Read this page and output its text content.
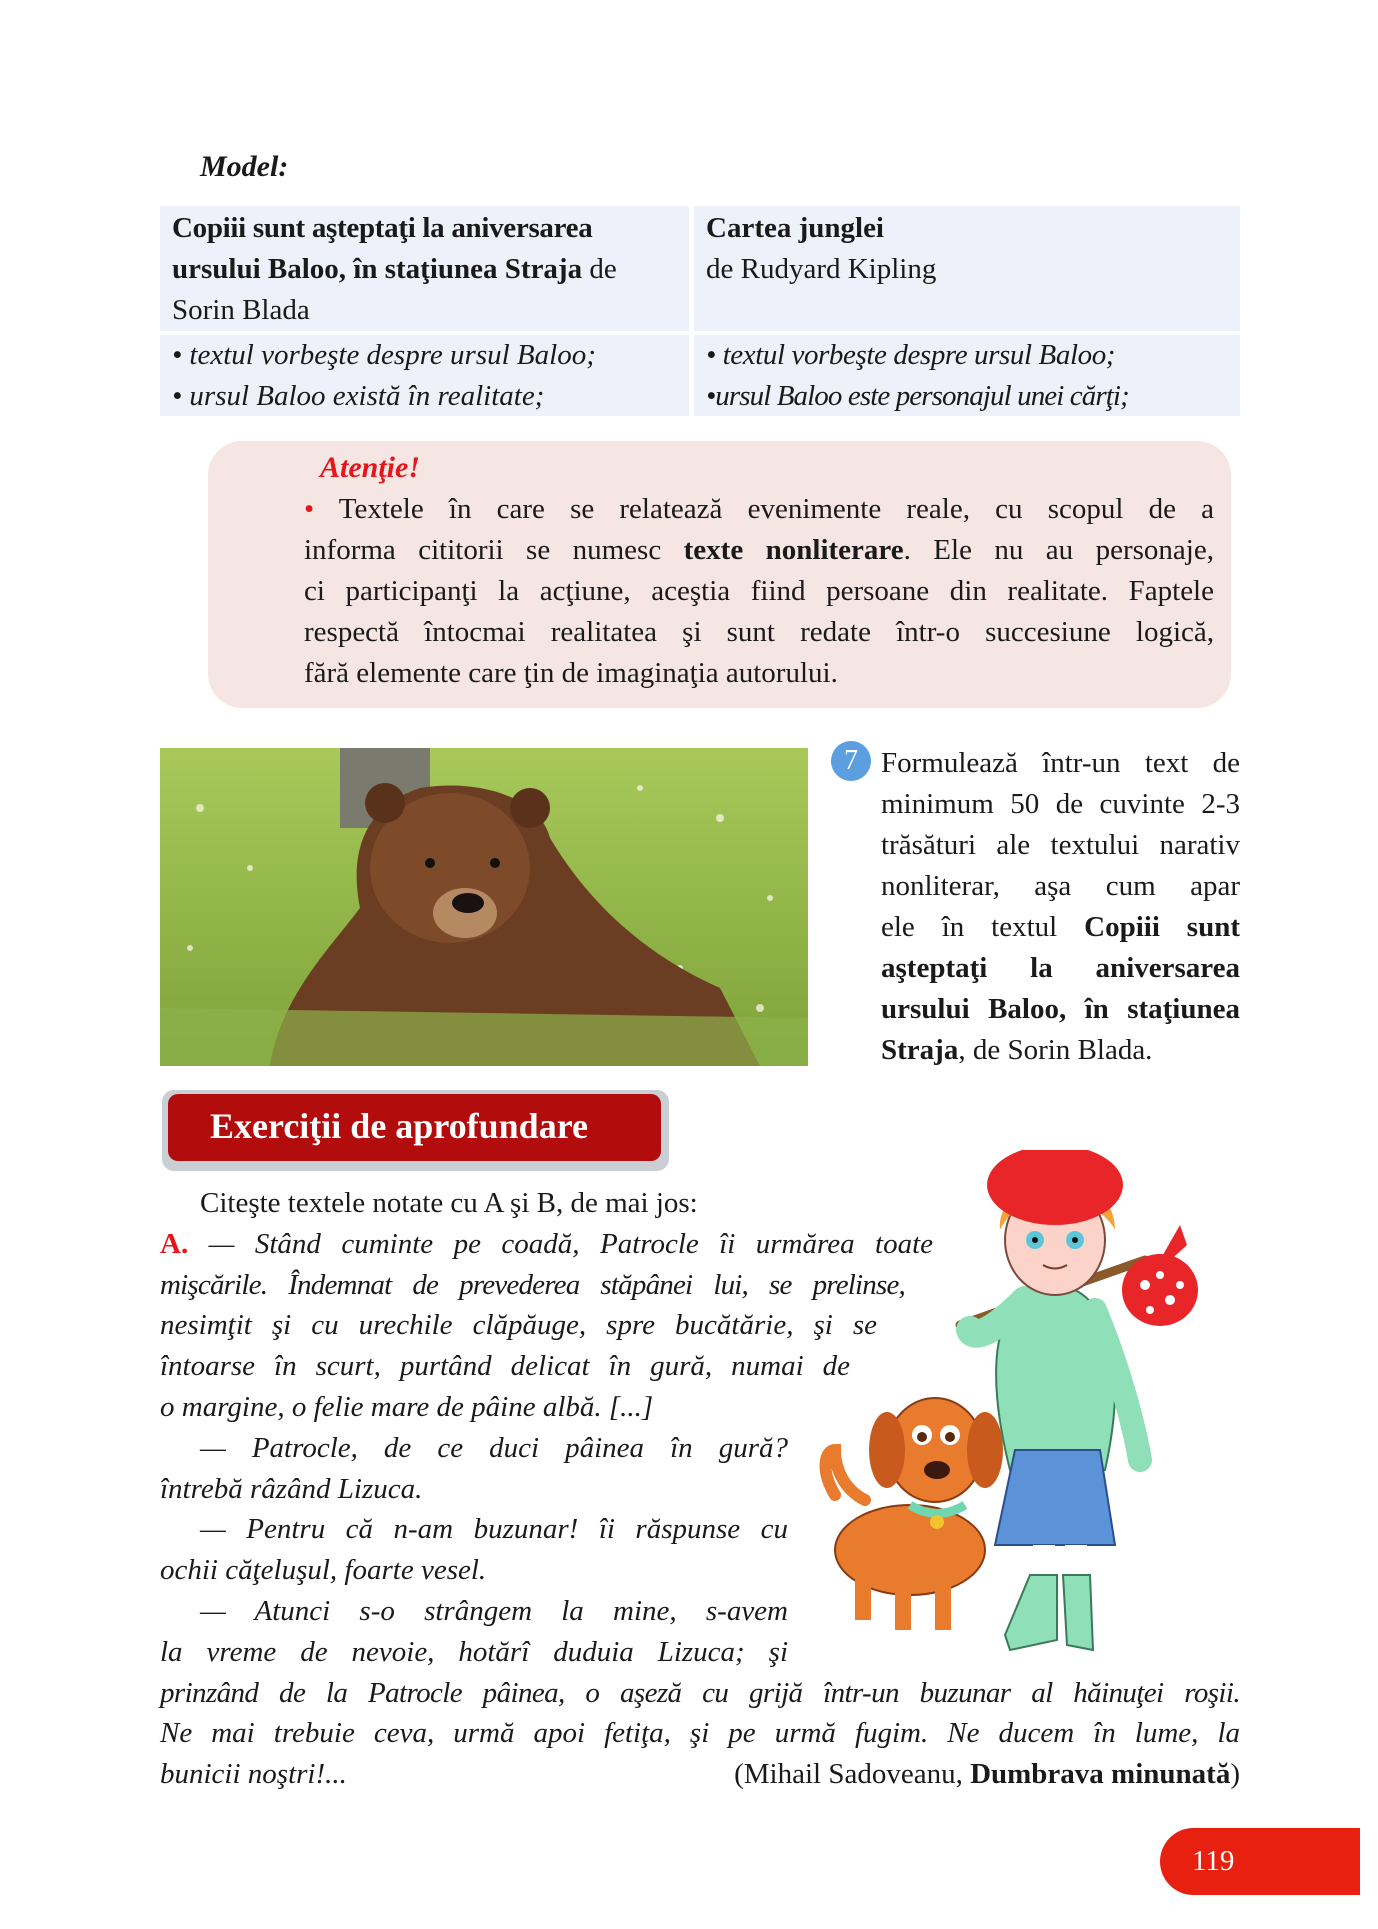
Model:
Copiii sunt aşteptaţi la aniversarea
ursului Baloo, în staţiunea Straja de
Sorin Blada
Cartea junglei
de Rudyard Kipling
• textul vorbeşte despre ursul Baloo;
• ursul Baloo există în realitate;
• textul vorbeşte despre ursul Baloo;
•ursul Baloo este personajul unei cărţi;
Atenţie!
• Textele în care se relatează evenimente reale, cu scopul de a
informa cititorii se numesc texte nonliterare. Ele nu au personaje,
ci participanţi la acţiune, aceştia fiind persoane din realitate. Faptele
respectă întocmai realitatea şi sunt redate într-o succesiune logică,
fără elemente care ţin de imaginaţia autorului.
7 Formulează într-un text de
minimum 50 de cuvinte 2-3
trăsături ale textului narativ
nonliterar, aşa cum apar
ele în textul Copiii sunt
aşteptaţi la aniversarea
ursului Baloo, în staţiunea
Straja, de Sorin Blada.
Exerciţii de aprofundare
Citeşte textele notate cu A şi B, de mai jos:
A. — Stând cuminte pe coadă, Patrocle îi urmărea toate
mişcările. Îndemnat de prevederea stăpânei lui, se prelinse,
nesimţit şi cu urechile clăpăuge, spre bucătărie, şi se
întoarse în scurt, purtând delicat în gură, numai de
o margine, o felie mare de pâine albă. [...]
— Patrocle, de ce duci pâinea în gură?
întrebă râzând Lizuca.
— Pentru că n-am buzunar! îi răspunse cu
ochii căţeluşul, foarte vesel.
— Atunci s-o strângem la mine, s-avem
la vreme de nevoie, hotărî duduia Lizuca; şi
prinzând de la Patrocle pâinea, o aşeză cu grijă într-un buzunar al hăinuţei roşii.
Ne mai trebuie ceva, urmă apoi fetiţa, şi pe urmă fugim. Ne ducem în lume, la
bunicii noştri!...	(Mihail Sadoveanu, Dumbrava minunată)
119
